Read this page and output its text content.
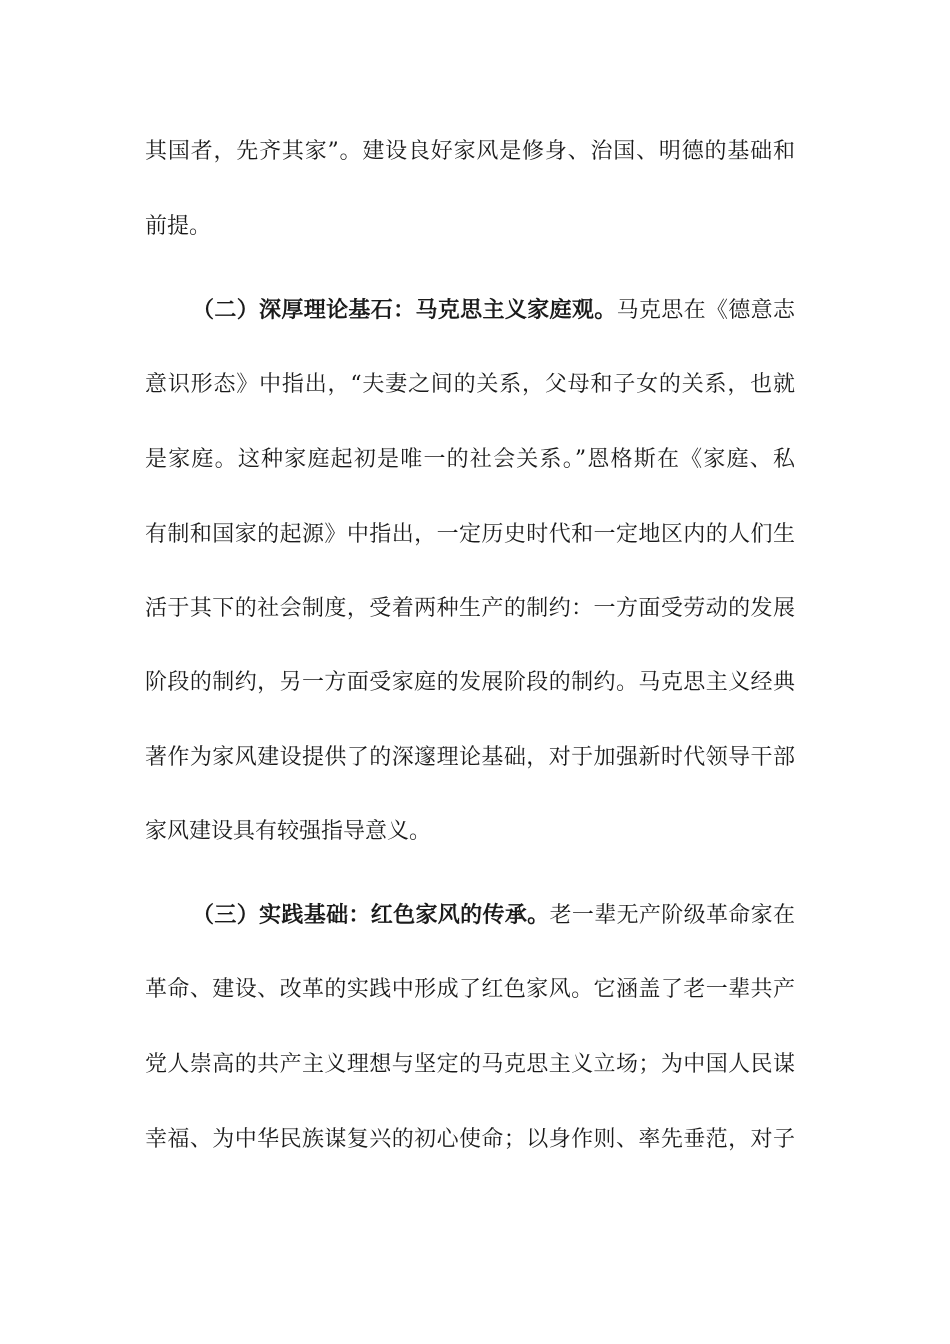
其国者，先齐其家”。建设良好家风是修身、治国、明德的基础和
前提。
（二）深厚理论基石：马克思主义家庭观。马克思在《德意志
意识形态》中指出，“夫妻之间的关系，父母和子女的关系，也就
是家庭。这种家庭起初是唯一的社会关系。”恩格斯在《家庭、私
有制和国家的起源》中指出，一定历史时代和一定地区内的人们生
活于其下的社会制度，受着两种生产的制约：一方面受劳动的发展
阶段的制约，另一方面受家庭的发展阶段的制约。马克思主义经典
著作为家风建设提供了的深邃理论基础，对于加强新时代领导干部
家风建设具有较强指导意义。
（三）实践基础：红色家风的传承。老一辈无产阶级革命家在
革命、建设、改革的实践中形成了红色家风。它涵盖了老一辈共产
党人崇高的共产主义理想与坚定的马克思主义立场；为中国人民谋
幸福、为中华民族谋复兴的初心使命；以身作则、率先垂范，对子
